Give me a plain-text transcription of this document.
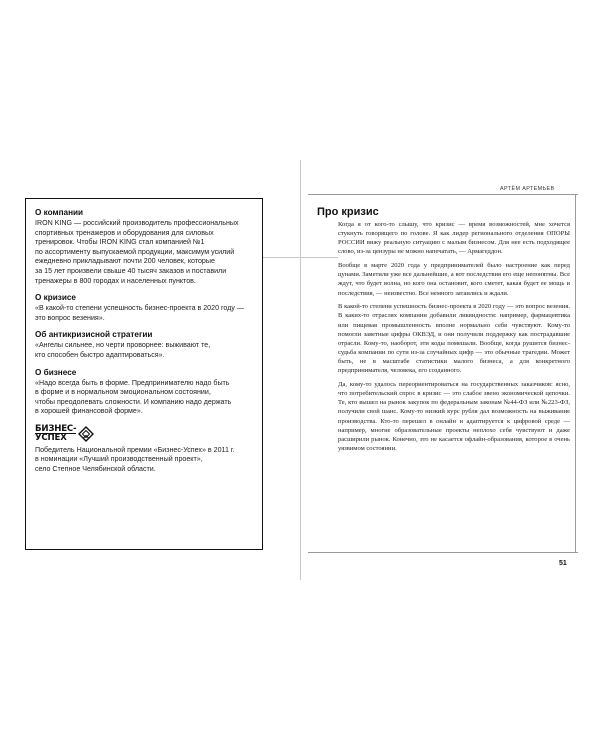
О компании

IRON KING — российский производитель профессиональных

спортивных тренажеров и оборудования для силовых

тренировок. Чтобы IRON KING стал компанией №1

по ассортименту выпускаемой продукции, максимум усилий

ежедневно прикладывают почти 200 человек, которые

за 15 лет произвели свыше 40 тысяч заказов и поставили

тренажеры в 800 городах и населенных пунктов.

О кризисе

«В какой-то степени успешность бизнес-проекта в 2020 году —

это вопрос везения».

Об антикризисной стратегии

«Ангелы сильнее, но черти проворнее: выживают те,

кто способен быстро адаптироваться».

О бизнесе

«Надо всегда быть в форме. Предпринимателю надо быть

в форме и в нормальном эмоциональном состоянии,

чтобы преодолевать сложности. И компанию надо держать

в хорошей финансовой форме».

БИЗНЕС-
УСПЕХ

Победитель Национальной премии «Бизнес-Успех» в 2011 г.

в номинации «Лучший производственный проект»,

село Степное Челябинской области.

АРТЁМ АРТЕМЬЕВ
Про кризис

Когда я от кого-то слышу, что кризис — время возможностей, мне хочется стукнуть говорящего по голове. Я как лидер регионального отделения ОПОРЫ РОССИИ вижу реальную ситуацию с малым бизнесом. Для нее есть подходящее слово, из-за цензуры не можно напечатать, — Армагеддон.

Вообще в марте 2020 года у предпринимателей было настроение как перед цунами. Заметили уже все дальнейшие, а вот последствия его еще непонятны. Все ждут, что будет волна, но кого она остановит, кого сметет, какая будет ее мощь и последствия, — неизвестно. Все немного затаились и ждали.

В какой-то степени успешность бизнес-проекта в 2020 году — это вопрос везения. В каких-то отраслях компании добавили ликвидности: например, фармацевтика или пищевая промышленность вполне нормально себя чувствуют. Кому-то помогли заветные цифры ОКВЭД, и они получили поддержку как пострадавшие отрасли. Кому-то, наоборот, эти коды помешали. Вообще, когда рушится бизнес-судьба компании по сути из-за случайных цифр — это обычные трагедии. Может быть, не в масштабе статистики малого бизнеса, а для конкретного предпринимателя, человека, его созданного.

Да, кому-то удалось переориентироваться на государственных заказчиков: ясно, что потребительский спрос в кризис — это слабое звено экономической цепочки. Те, кто вышел на рынок закупок по федеральным законам №44-ФЗ или №223-ФЗ, получили свой шанс. Кому-то низкий курс рубля дал возможность на выживание производства. Кто-то перешел в онлайн и адаптируется к цифровой среде — например, многие образовательные проекты неплохо себя чувствуют и даже расширили рынок. Конечно, это не касается офлайн-образования, которое в очень уязвимом состоянии.

51
